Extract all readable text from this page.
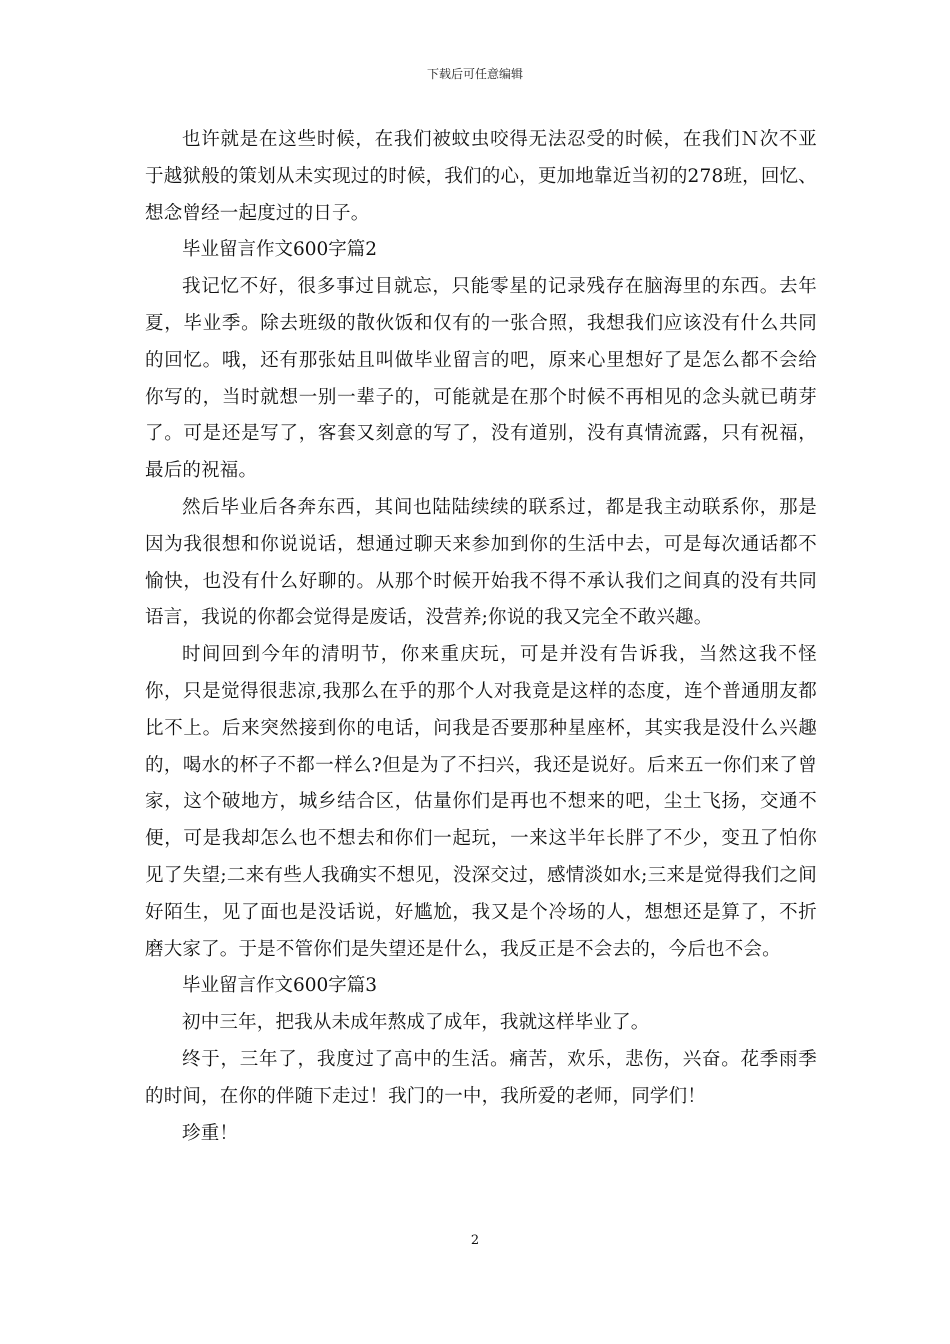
下载后可任意编辑

也许就是在这些时候，在我们被蚊虫咬得无法忍受的时候，在我们Ｎ次不亚于越狱般的策划从未实现过的时候，我们的心，更加地靠近当初的278班，回忆、想念曾经一起度过的日子。

毕业留言作文600字篇2

我记忆不好，很多事过目就忘，只能零星的记录残存在脑海里的东西。去年夏，毕业季。除去班级的散伙饭和仅有的一张合照，我想我们应该没有什么共同的回忆。哦，还有那张姑且叫做毕业留言的吧，原来心里想好了是怎么都不会给你写的，当时就想一别一辈子的，可能就是在那个时候不再相见的念头就已萌芽了。可是还是写了，客套又刻意的写了，没有道别，没有真情流露，只有祝福，最后的祝福。

然后毕业后各奔东西，其间也陆陆续续的联系过，都是我主动联系你，那是因为我很想和你说说话，想通过聊天来参加到你的生活中去，可是每次通话都不愉快，也没有什么好聊的。从那个时候开始我不得不承认我们之间真的没有共同语言，我说的你都会觉得是废话，没营养;你说的我又完全不敢兴趣。

时间回到今年的清明节，你来重庆玩，可是并没有告诉我，当然这我不怪你，只是觉得很悲凉,我那么在乎的那个人对我竟是这样的态度，连个普通朋友都比不上。后来突然接到你的电话，问我是否要那种星座杯，其实我是没什么兴趣的，喝水的杯子不都一样么?但是为了不扫兴，我还是说好。后来五一你们来了曾家，这个破地方，城乡结合区，估量你们是再也不想来的吧，尘土飞扬，交通不便，可是我却怎么也不想去和你们一起玩，一来这半年长胖了不少，变丑了怕你见了失望;二来有些人我确实不想见，没深交过，感情淡如水;三来是觉得我们之间好陌生，见了面也是没话说，好尴尬，我又是个冷场的人，想想还是算了，不折磨大家了。于是不管你们是失望还是什么，我反正是不会去的，今后也不会。

毕业留言作文600字篇3

初中三年，把我从未成年熬成了成年，我就这样毕业了。

终于，三年了，我度过了高中的生活。痛苦，欢乐，悲伤，兴奋。花季雨季的时间，在你的伴随下走过！我门的一中，我所爱的老师，同学们！

珍重！

2
